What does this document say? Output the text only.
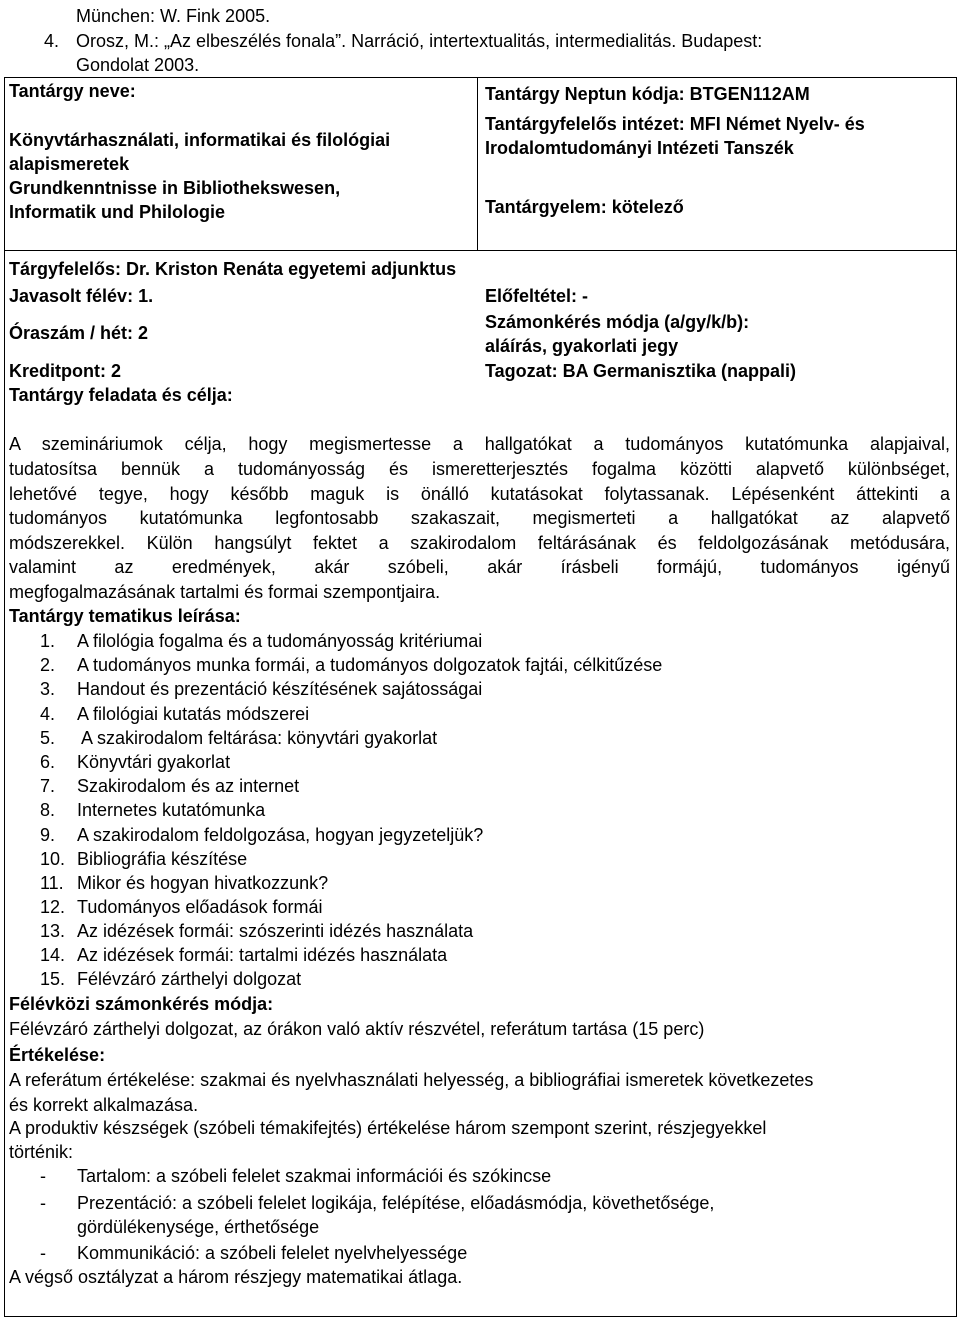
München: W. Fink 2005.
4. Orosz, M.: „Az elbeszélés fonala”. Narráció, intertextualitás, intermedialitás. Budapest:
Gondolat 2003.
Tantárgy neve:
Könyvtárhasználati, informatikai és filológiai
alapismeretek
Grundkenntnisse in Bibliothekswesen,
Informatik und Philologie
Tantárgy Neptun kódja: BTGEN112AM
Tantárgyfelelős intézet: MFI Német Nyelv- és
Irodalomtudományi Intézeti Tanszék
Tantárgyelem: kötelező
Tárgyfelelős: Dr. Kriston Renáta egyetemi adjunktus
Javasolt félév: 1.	Előfeltétel: -
Óraszám / hét: 2
Számonkérés módja (a/gy/k/b):
aláírás, gyakorlati jegy
Kreditpont: 2	Tagozat: BA Germanisztika (nappali)
Tantárgy feladata és célja:
A szemináriumok célja, hogy megismertesse a hallgatókat a tudományos kutatómunka alapjaival,
tudatosítsa bennük a tudományosság és ismeretterjesztés fogalma közötti alapvető különbséget,
lehetővé tegye, hogy később maguk is önálló kutatásokat folytassanak. Lépésenként áttekinti a
tudományos kutatómunka legfontosabb szakaszait, megismerteti a hallgatókat az alapvető
módszerekkel. Külön hangsúlyt fektet a szakirodalom feltárásának és feldolgozásának metódusára,
valamint az eredmények, akár szóbeli, akár írásbeli formájú, tudományos igényű
megfogalmazásának tartalmi és formai szempontjaira.
Tantárgy tematikus leírása:
1.	A filológia fogalma és a tudományosság kritériumai
2.	A tudományos munka formái, a tudományos dolgozatok fajtái, célkitűzése
3.	Handout és prezentáció készítésének sajátosságai
4.	A filológiai kutatás módszerei
5.	A szakirodalom feltárása: könyvtári gyakorlat
6.	Könyvtári gyakorlat
7.	Szakirodalom és az internet
8.	Internetes kutatómunka
9.	A szakirodalom feldolgozása, hogyan jegyzeteljük?
10. Bibliográfia készítése
11. Mikor és hogyan hivatkozzunk?
12. Tudományos előadások formái
13. Az idézések formái: szószerinti idézés használata
14. Az idézések formái: tartalmi idézés használata
15. Félévzáró zárthelyi dolgozat
Félévközi számonkérés módja:
Félévzáró zárthelyi dolgozat, az órákon való aktív részvétel, referátum tartása (15 perc)
Értékelése:
A referátum értékelése: szakmai és nyelvhasználati helyesség, a bibliográfiai ismeretek következetes
és korrekt alkalmazása.
A produktiv készségek (szóbeli témakifejtés) értékelése három szempont szerint, részjegyekkel
történik:
- Tartalom: a szóbeli felelet szakmai információi és szókincse
- Prezentáció: a szóbeli felelet logikája, felépítése, előadásmódja, követhetősége,
gördülékenysége, érthetősége
- Kommunikáció: a szóbeli felelet nyelvhelyessége
A végső osztályzat a három részjegy matematikai átlaga.
